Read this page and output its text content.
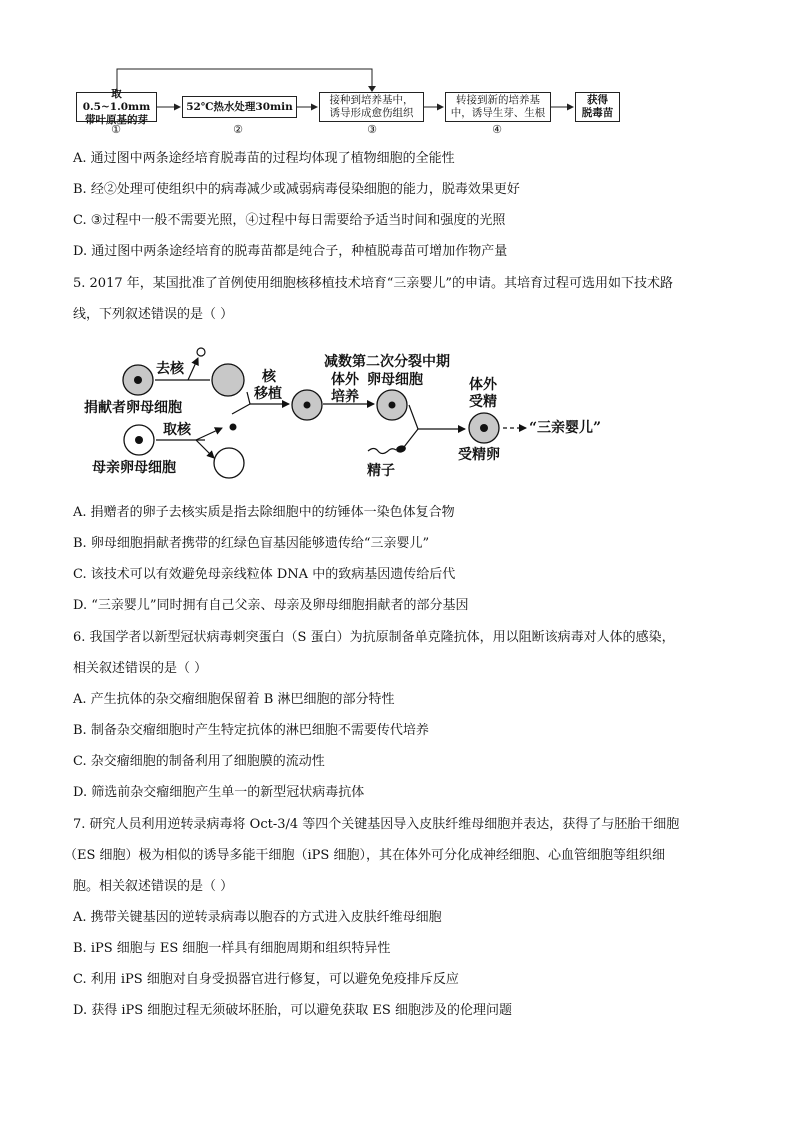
取0.5~1.0mm
带叶原基的芽
52℃热水处理30min
接种到培养基中，
诱导形成愈伤组织
转接到新的培养基
中，诱导生芽、生根
获得
脱毒苗
①	②	③	④
A. 通过图中两条途经培育脱毒苗的过程均体现了植物细胞的全能性
B. 经②处理可使组织中的病毒减少或减弱病毒侵染细胞的能力，脱毒效果更好
C. ③过程中一般不需要光照，④过程中每日需要给予适当时间和强度的光照
D. 通过图中两条途经培育的脱毒苗都是纯合子，种植脱毒苗可增加作物产量
5. 2017 年，某国批准了首例使用细胞核移植技术培育“三亲婴儿”的申请。其培育过程可选用如下技术路
线，下列叙述错误的是（ ）
去核
捐献者卵母细胞
取核
母亲卵母细胞
核
移植
减数第二次分裂中期
体外 卵母细胞
培养
体外
受精
精子
受精卵
“三亲婴儿”
A. 捐赠者的卵子去核实质是指去除细胞中的纺锤体一染色体复合物
B. 卵母细胞捐献者携带的红绿色盲基因能够遗传给“三亲婴儿”
C. 该技术可以有效避免母亲线粒体 DNA 中的致病基因遗传给后代
D. “三亲婴儿”同时拥有自己父亲、母亲及卵母细胞捐献者的部分基因
6. 我国学者以新型冠状病毒刺突蛋白（S 蛋白）为抗原制备单克隆抗体，用以阻断该病毒对人体的感染，
相关叙述错误的是（ ）
A. 产生抗体的杂交瘤细胞保留着 B 淋巴细胞的部分特性
B. 制备杂交瘤细胞时产生特定抗体的淋巴细胞不需要传代培养
C. 杂交瘤细胞的制备利用了细胞膜的流动性
D. 筛选前杂交瘤细胞产生单一的新型冠状病毒抗体
7. 研究人员利用逆转录病毒将 Oct-3/4 等四个关键基因导入皮肤纤维母细胞并表达，获得了与胚胎干细胞
（ES 细胞）极为相似的诱导多能干细胞（iPS 细胞），其在体外可分化成神经细胞、心血管细胞等组织细
胞。相关叙述错误的是（ ）
A. 携带关键基因的逆转录病毒以胞吞的方式进入皮肤纤维母细胞
B. iPS 细胞与 ES 细胞一样具有细胞周期和组织特异性
C. 利用 iPS 细胞对自身受损器官进行修复，可以避免免疫排斥反应
D. 获得 iPS 细胞过程无须破坏胚胎，可以避免获取 ES 细胞涉及的伦理问题
